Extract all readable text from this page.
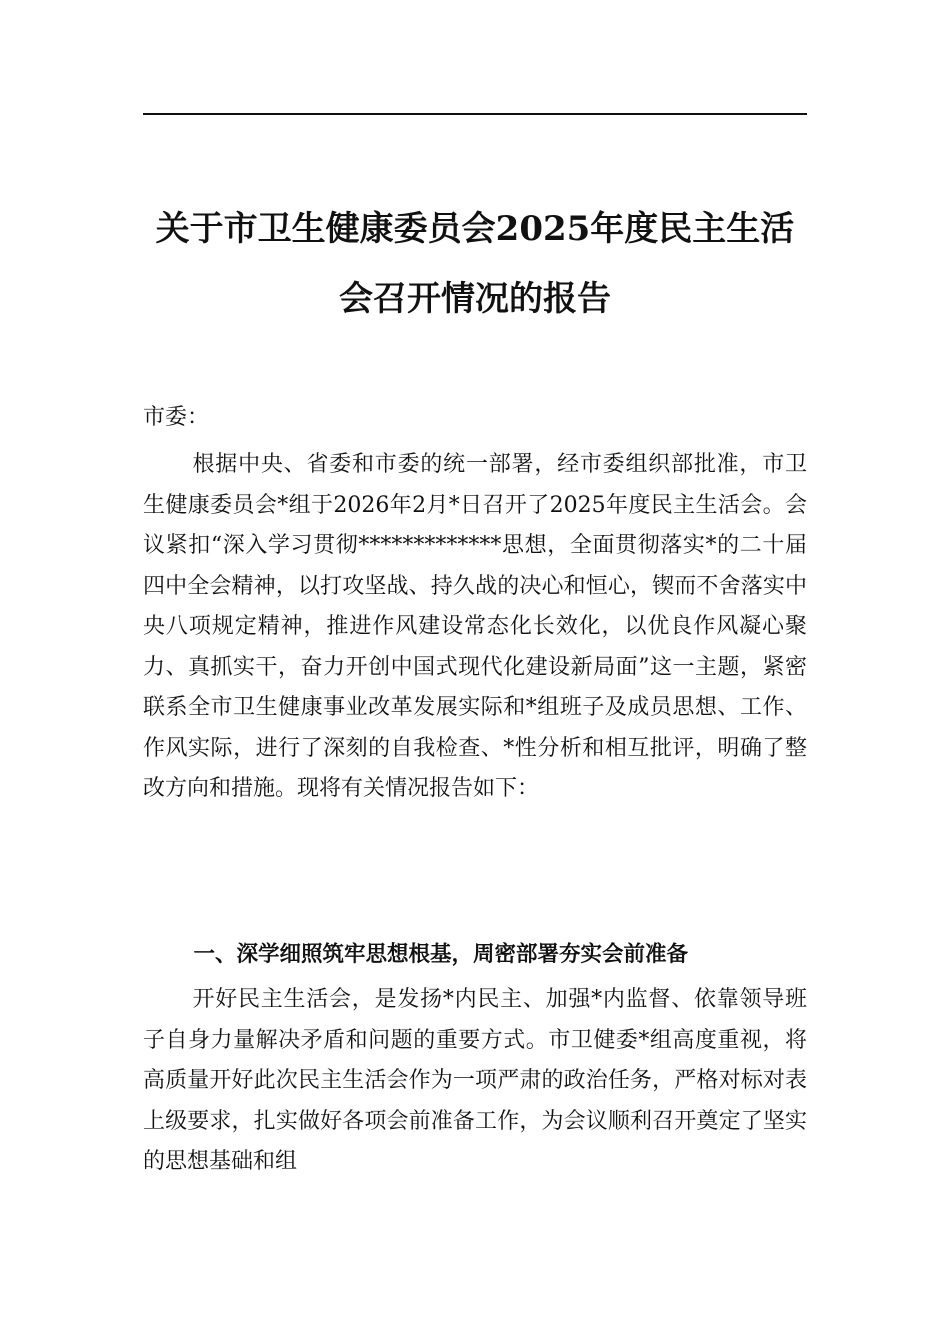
关于市卫生健康委员会2025年度民主生活
会召开情况的报告

市委：

根据中央、省委和市委的统一部署，经市委组织部批准，市卫生健康委员会*组于2026年2月*日召开了2025年度民主生活会。会议紧扣“深入学习贯彻*************思想，全面贯彻落实*的二十届四中全会精神，以打攻坚战、持久战的决心和恒心，锲而不舍落实中央八项规定精神，推进作风建设常态化长效化，以优良作风凝心聚力、真抓实干，奋力开创中国式现代化建设新局面”这一主题，紧密联系全市卫生健康事业改革发展实际和*组班子及成员思想、工作、作风实际，进行了深刻的自我检查、*性分析和相互批评，明确了整改方向和措施。现将有关情况报告如下：

一、深学细照筑牢思想根基，周密部署夯实会前准备

开好民主生活会，是发扬*内民主、加强*内监督、依靠领导班子自身力量解决矛盾和问题的重要方式。市卫健委*组高度重视，将高质量开好此次民主生活会作为一项严肃的政治任务，严格对标对表上级要求，扎实做好各项会前准备工作，为会议顺利召开奠定了坚实的思想基础和组
